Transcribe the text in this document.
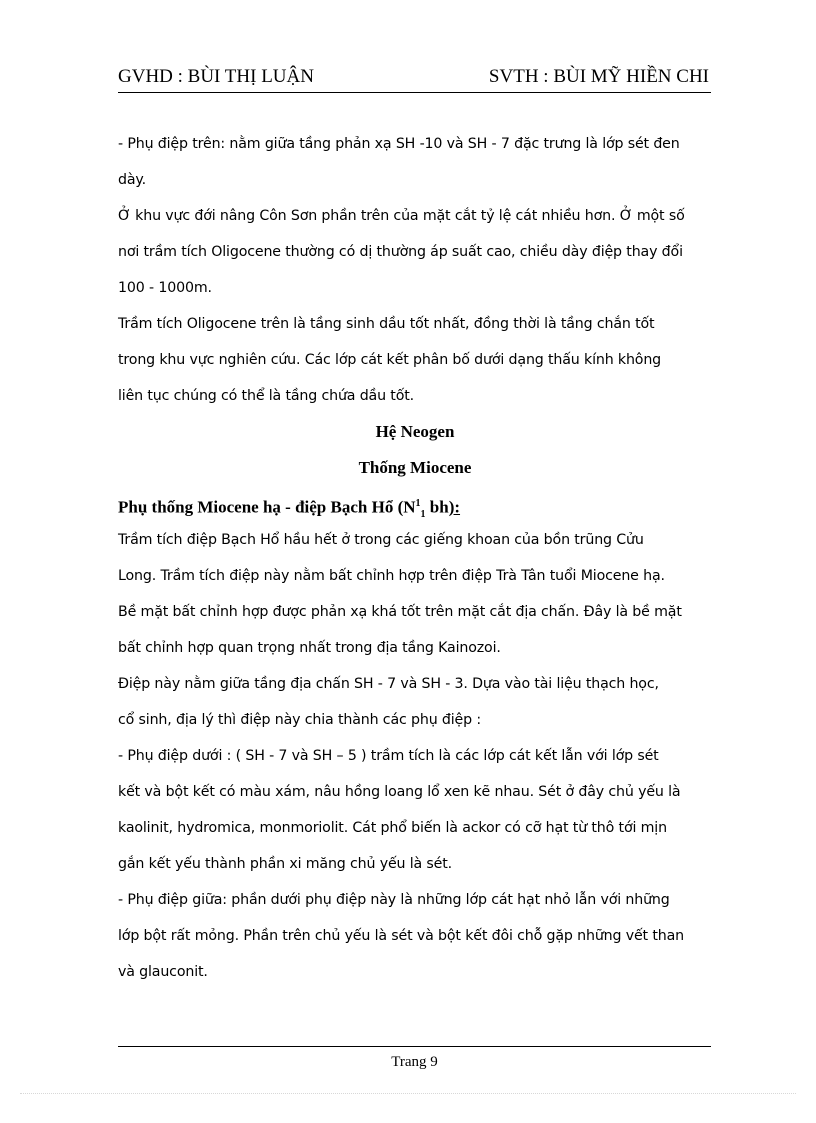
GVHD : BÙI THỊ LUẬN	SVTH : BÙI MỸ HIỀN CHI
- Phụ điệp trên: nằm giữa tầng phản xạ SH -10 và SH - 7 đặc trưng là lớp sét đen
dày.
Ở khu vực đới nâng Côn Sơn phần trên của mặt cắt tỷ lệ cát nhiều hơn. Ở một số
nơi trầm tích Oligocene thường có dị thường áp suất cao, chiều dày điệp thay đổi
100 - 1000m.
Trầm tích Oligocene trên là tầng sinh dầu tốt nhất, đồng thời là tầng chắn tốt
trong khu vực nghiên cứu. Các lớp cát kết phân bố dưới dạng thấu kính không
liên tục chúng có thể là tầng chứa dầu tốt.
Hệ Neogen
Thống Miocene
Phụ thống Miocene hạ - điệp Bạch Hổ ($N^1_1$ bh):
Trầm tích điệp Bạch Hổ hầu hết ở trong các giếng khoan của bồn trũng Cửu
Long. Trầm tích điệp này nằm bất chỉnh hợp trên điệp Trà Tân tuổi Miocene hạ.
Bề mặt bất chỉnh hợp được phản xạ khá tốt trên mặt cắt địa chấn. Đây là bề mặt
bất chỉnh hợp quan trọng nhất trong địa tầng Kainozoi.
Điệp này nằm giữa tầng địa chấn SH - 7 và SH - 3. Dựa vào tài liệu thạch học,
cổ sinh, địa lý thì điệp này chia thành các phụ điệp :
- Phụ điệp dưới : ( SH - 7 và SH – 5 ) trầm tích là các lớp cát kết lẫn với lớp sét
kết và bột kết có màu xám, nâu hồng loang lổ xen kẽ nhau. Sét ở đây chủ yếu là
kaolinit, hydromica, monmoriolit. Cát phổ biến là ackor có cỡ hạt từ thô tới mịn
gắn kết yếu thành phần xi măng chủ yếu là sét.
- Phụ điệp giữa: phần dưới phụ điệp này là những lớp cát hạt nhỏ lẫn với những
lớp bột rất mỏng. Phần trên chủ yếu là sét và bột kết đôi chỗ gặp những vết than
và glauconit.
Trang 9
